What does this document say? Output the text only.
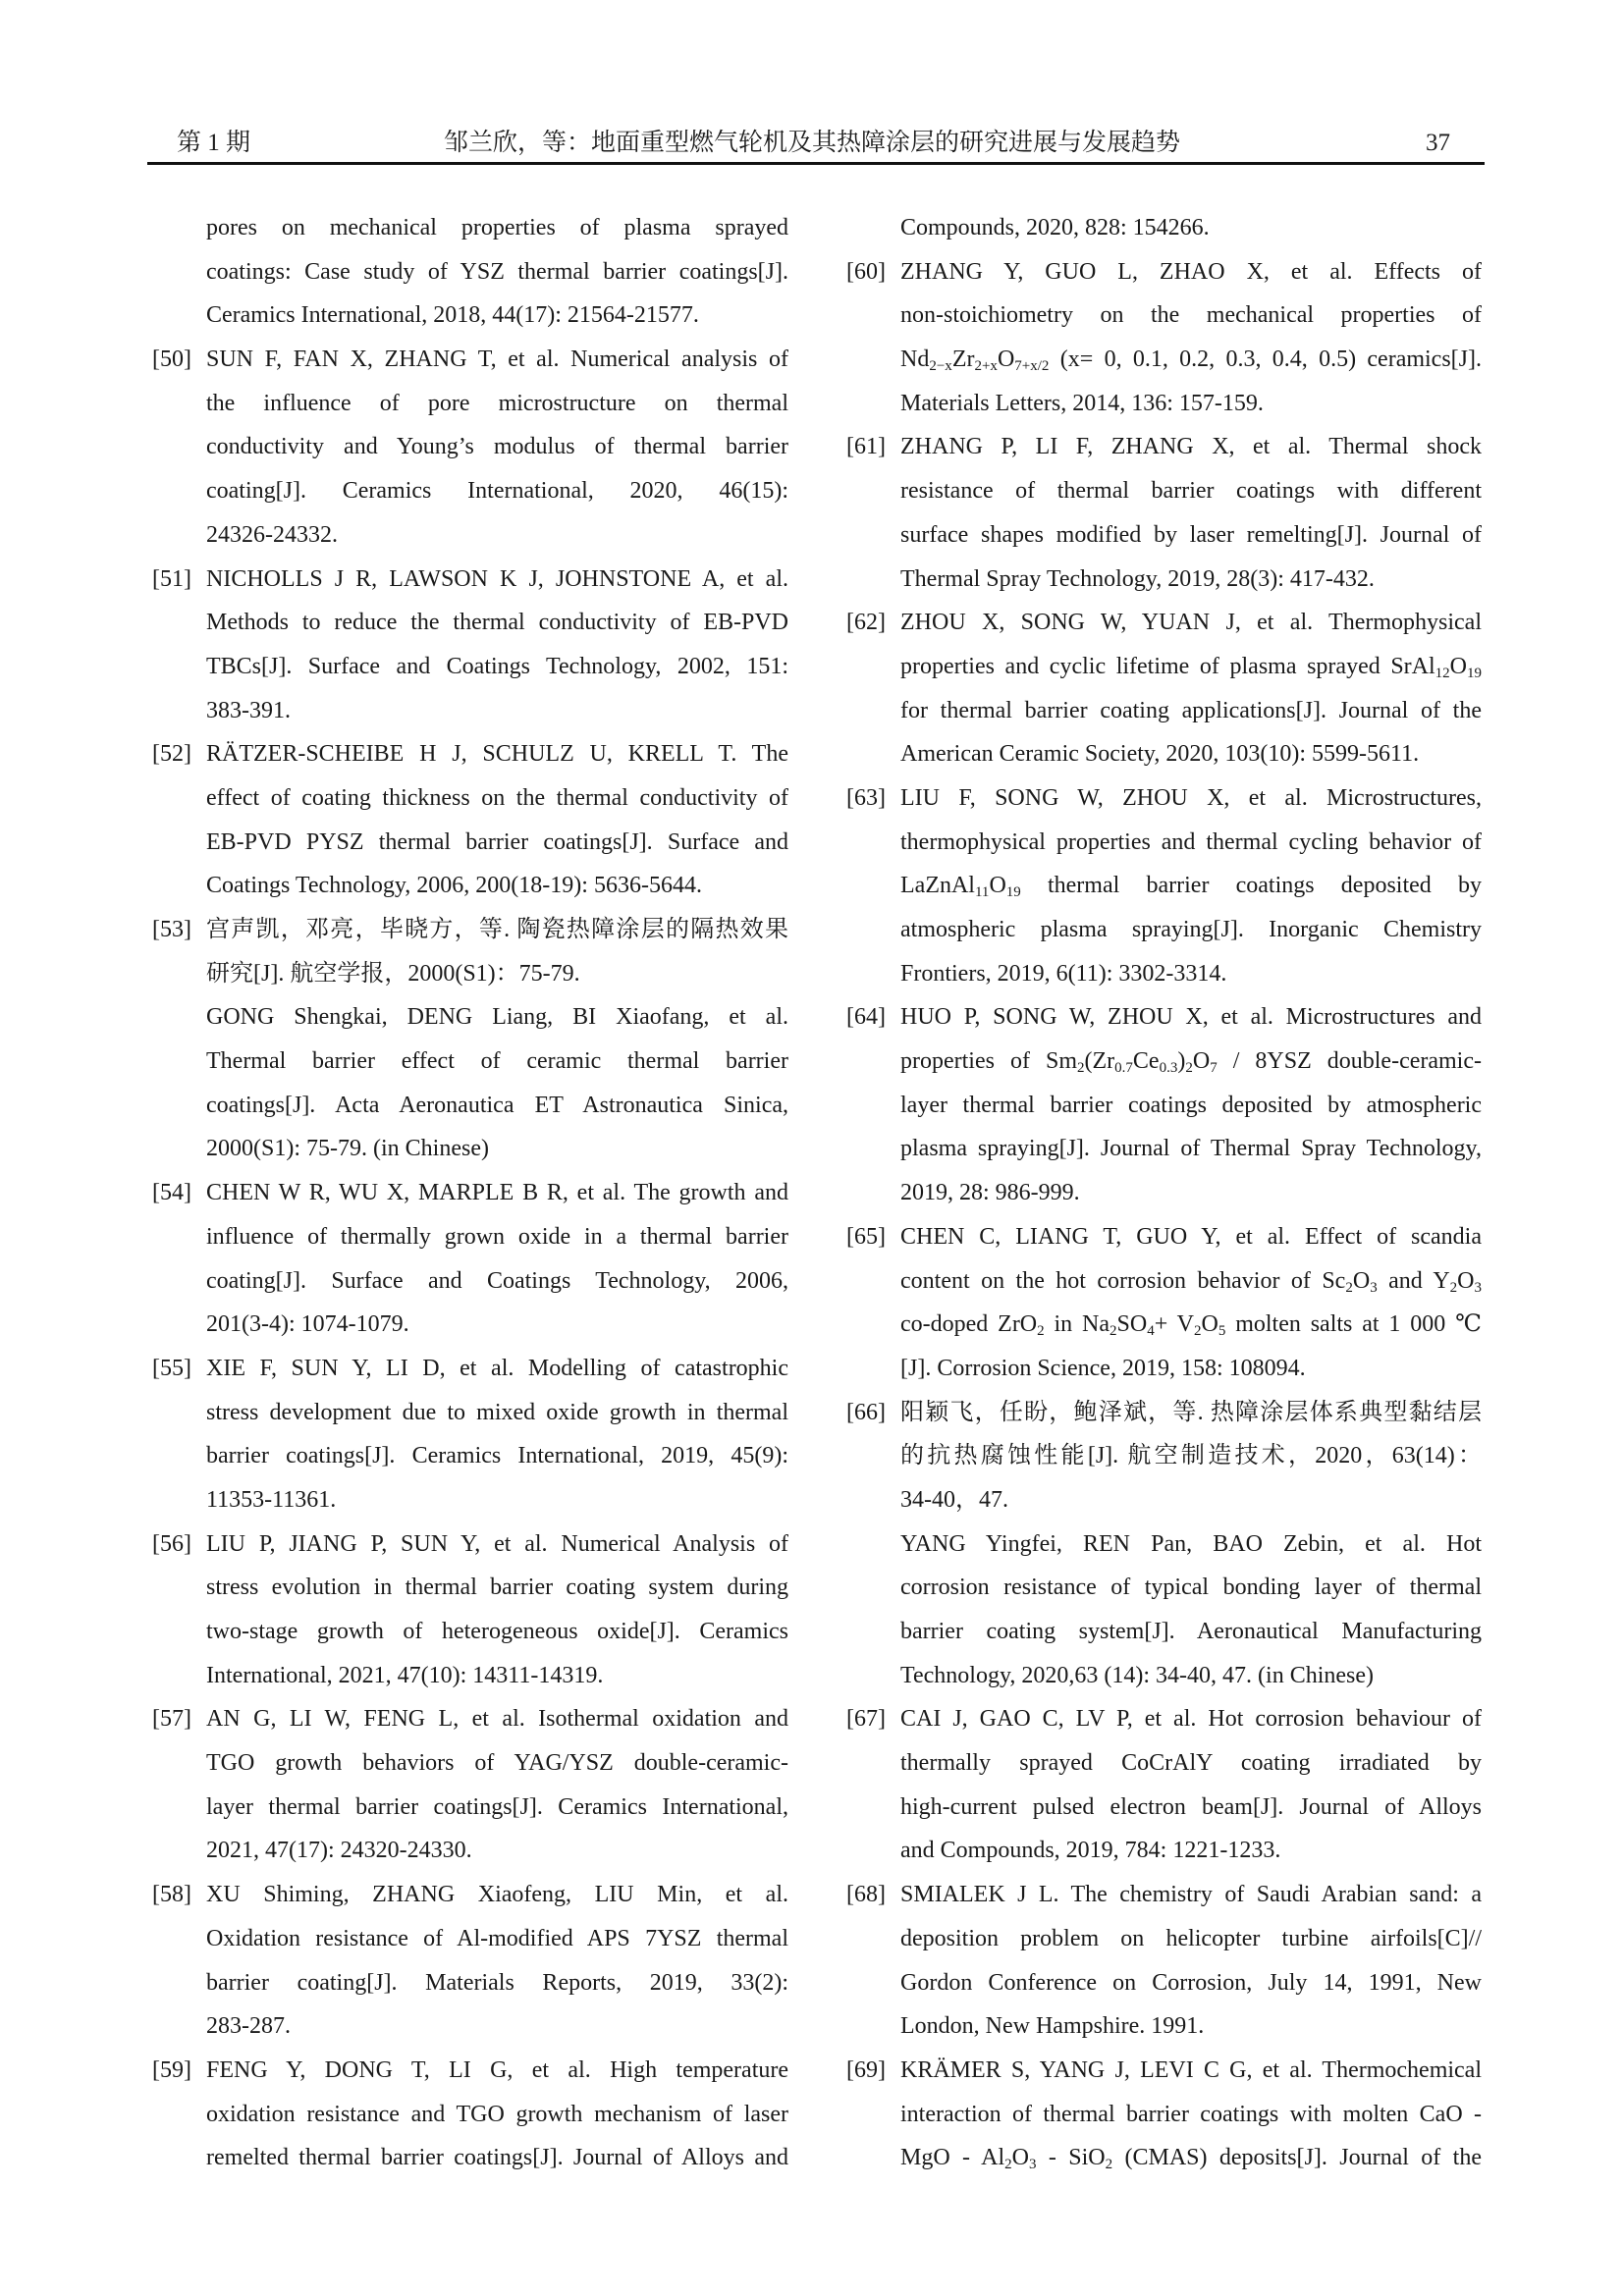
第 1 期	邹兰欣，等：地面重型燃气轮机及其热障涂层的研究进展与发展趋势	37
pores on mechanical properties of plasma sprayed
coatings: Case study of YSZ thermal barrier coatings[J].
Ceramics International, 2018, 44(17): 21564-21577.
[50] SUN F, FAN X, ZHANG T, et al. Numerical analysis of
the influence of pore microstructure on thermal
conductivity and Young’s modulus of thermal barrier
coating[J]. Ceramics International, 2020, 46(15):
24326-24332.
[51] NICHOLLS J R, LAWSON K J, JOHNSTONE A, et al.
Methods to reduce the thermal conductivity of EB-PVD
TBCs[J]. Surface and Coatings Technology, 2002, 151:
383-391.
[52] RÄTZER-SCHEIBE H J, SCHULZ U, KRELL T. The
effect of coating thickness on the thermal conductivity of
EB-PVD PYSZ thermal barrier coatings[J]. Surface and
Coatings Technology, 2006, 200(18-19): 5636-5644.
[53] 宫声凯，邓亮，毕晓方，等. 陶瓷热障涂层的隔热效果
研究[J]. 航空学报，2000(S1)：75-79.
GONG Shengkai, DENG Liang, BI Xiaofang, et al.
Thermal barrier effect of ceramic thermal barrier
coatings[J]. Acta Aeronautica ET Astronautica Sinica,
2000(S1): 75-79. (in Chinese)
[54] CHEN W R, WU X, MARPLE B R, et al. The growth and
influence of thermally grown oxide in a thermal barrier
coating[J]. Surface and Coatings Technology, 2006,
201(3-4): 1074-1079.
[55] XIE F, SUN Y, LI D, et al. Modelling of catastrophic
stress development due to mixed oxide growth in thermal
barrier coatings[J]. Ceramics International, 2019, 45(9):
11353-11361.
[56] LIU P, JIANG P, SUN Y, et al. Numerical Analysis of
stress evolution in thermal barrier coating system during
two-stage growth of heterogeneous oxide[J]. Ceramics
International, 2021, 47(10): 14311-14319.
[57] AN G, LI W, FENG L, et al. Isothermal oxidation and
TGO growth behaviors of YAG/YSZ double-ceramic-
layer thermal barrier coatings[J]. Ceramics International,
2021, 47(17): 24320-24330.
[58] XU Shiming, ZHANG Xiaofeng, LIU Min, et al.
Oxidation resistance of Al-modified APS 7YSZ thermal
barrier coating[J]. Materials Reports, 2019, 33(2):
283-287.
[59] FENG Y, DONG T, LI G, et al. High temperature
oxidation resistance and TGO growth mechanism of laser
remelted thermal barrier coatings[J]. Journal of Alloys and
Compounds, 2020, 828: 154266.
[60] ZHANG Y, GUO L, ZHAO X, et al. Effects of
non-stoichiometry on the mechanical properties of
$Nd_{2-x}Zr_{2+x}O_{7+x/2}$ (x= 0, 0.1, 0.2, 0.3, 0.4, 0.5) ceramics[J].
Materials Letters, 2014, 136: 157-159.
[61] ZHANG P, LI F, ZHANG X, et al. Thermal shock
resistance of thermal barrier coatings with different
surface shapes modified by laser remelting[J]. Journal of
Thermal Spray Technology, 2019, 28(3): 417-432.
[62] ZHOU X, SONG W, YUAN J, et al. Thermophysical
properties and cyclic lifetime of plasma sprayed $SrAl_{12}O_{19}$
for thermal barrier coating applications[J]. Journal of the
American Ceramic Society, 2020, 103(10): 5599-5611.
[63] LIU F, SONG W, ZHOU X, et al. Microstructures,
thermophysical properties and thermal cycling behavior of
$LaZnAl_{11}O_{19}$ thermal barrier coatings deposited by
atmospheric plasma spraying[J]. Inorganic Chemistry
Frontiers, 2019, 6(11): 3302-3314.
[64] HUO P, SONG W, ZHOU X, et al. Microstructures and
properties of $Sm_2(Zr_{0.7}Ce_{0.3})_2O_7 / 8YSZ$ double-ceramic-
layer thermal barrier coatings deposited by atmospheric
plasma spraying[J]. Journal of Thermal Spray Technology,
2019, 28: 986-999.
[65] CHEN C, LIANG T, GUO Y, et al. Effect of scandia
content on the hot corrosion behavior of $Sc_2O_3$ and $Y_2O_3$
co-doped ZrO$_2$ in $Na_2SO_4+ V_2O_5$ molten salts at 1 000 ℃
[J]. Corrosion Science, 2019, 158: 108094.
[66] 阳颖飞，任盼，鲍泽斌，等. 热障涂层体系典型黏结层
的抗热腐蚀性能[J]. 航空制造技术，2020，63(14)：
34-40，47.
YANG Yingfei, REN Pan, BAO Zebin, et al. Hot
corrosion resistance of typical bonding layer of thermal
barrier coating system[J]. Aeronautical Manufacturing
Technology, 2020,63 (14): 34-40, 47. (in Chinese)
[67] CAI J, GAO C, LV P, et al. Hot corrosion behaviour of
thermally sprayed CoCrAlY coating irradiated by
high-current pulsed electron beam[J]. Journal of Alloys
and Compounds, 2019, 784: 1221-1233.
[68] SMIALEK J L. The chemistry of Saudi Arabian sand: a
deposition problem on helicopter turbine airfoils[C]//
Gordon Conference on Corrosion, July 14, 1991, New
London, New Hampshire. 1991.
[69] KRÄMER S, YANG J, LEVI C G, et al. Thermochemical
interaction of thermal barrier coatings with molten CaO -
MgO - $Al_2O_3 - SiO_2$ (CMAS) deposits[J]. Journal of the
